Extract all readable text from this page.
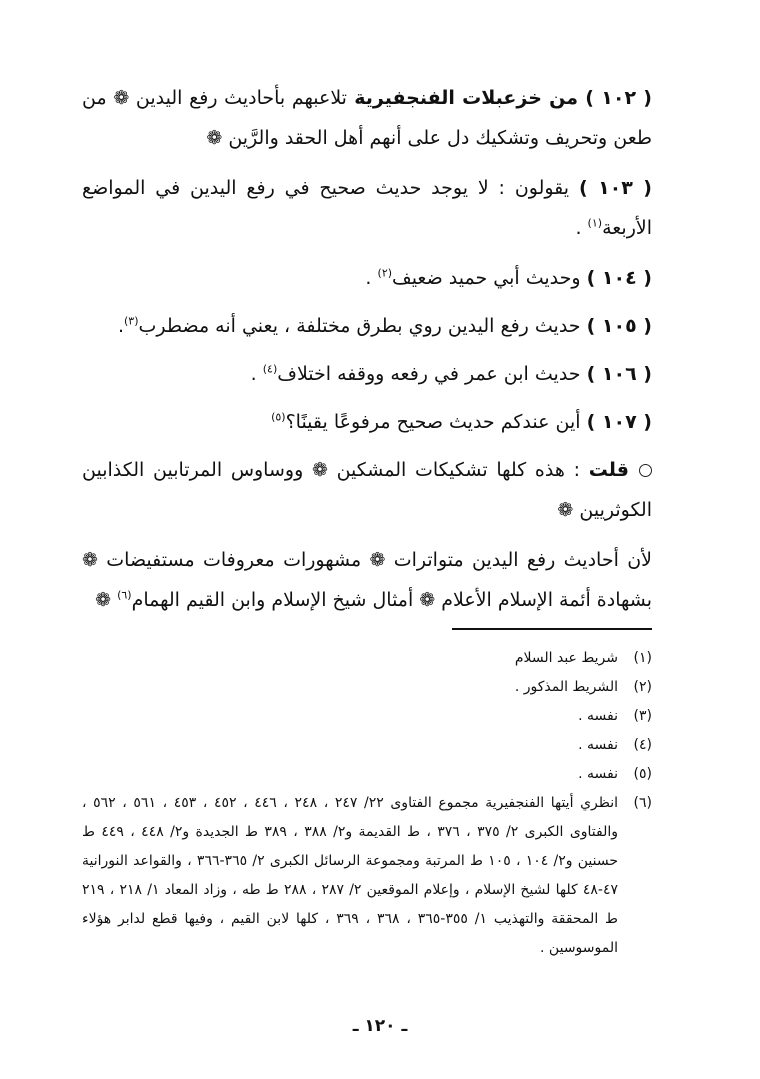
( ١٠٢ ) من خزعبلات الفنجفيرية تلاعبهم بأحاديث رفع اليدين ❁ من طعن وتحريف وتشكيك دل على أنهم أهل الحقد والرَّين ❁

( ١٠٣ ) يقولون : لا يوجد حديث صحيح في رفع اليدين في المواضع الأربعة$^{(١)}$ .

( ١٠٤ ) وحديث أبي حميد ضعيف$^{(٢)}$ .

( ١٠٥ ) حديث رفع اليدين روي بطرق مختلفة ، يعني أنه مضطرب$^{(٣)}$.

( ١٠٦ ) حديث ابن عمر في رفعه ووقفه اختلاف$^{(٤)}$ .

( ١٠٧ ) أين عندكم حديث صحيح مرفوعًا يقينًا؟$^{(٥)}$

قلت : هذه كلها تشكيكات المشكين ❁ ووساوس المرتابين الكذابين الكوثريين ❁

لأن أحاديث رفع اليدين متواترات ❁ مشهورات معروفات مستفيضات ❁ بشهادة أئمة الإسلام الأعلام ❁ أمثال شيخ الإسلام وابن القيم الهمام$^{(٦)}$ ❁

(١)
شريط عبد السلام
(٢)
الشريط المذكور .
(٣)
نفسه .
(٤)
نفسه .
(٥)
نفسه .
(٦)
انظري أيتها الفنجفيرية مجموع الفتاوى ٢٢/ ٢٤٧ ، ٢٤٨ ، ٤٤٦ ، ٤٥٢ ، ٤٥٣ ، ٥٦١ ، ٥٦٢ ، والفتاوى الكبرى ٢/ ٣٧٥ ، ٣٧٦ ، ط القديمة و٢/ ٣٨٨ ، ٣٨٩ ط الجديدة و٢/ ٤٤٨ ، ٤٤٩ ط حسنين و٢/ ١٠٤ ، ١٠٥ ط المرتبة ومجموعة الرسائل الكبرى ٢/ ٣٦٥-٣٦٦ ، والقواعد النورانية ٤٧-٤٨ كلها لشيخ الإسلام ، وإعلام الموقعين ٢/ ٢٨٧ ، ٢٨٨ ط طه ، وزاد المعاد ١/ ٢١٨ ، ٢١٩ ط المحققة والتهذيب ١/ ٣٥٥-٣٦٥ ، ٣٦٨ ، ٣٦٩ ، كلها لابن القيم ، وفيها قطع لدابر هؤلاء الموسوسين .
ـ ١٢٠ ـ
